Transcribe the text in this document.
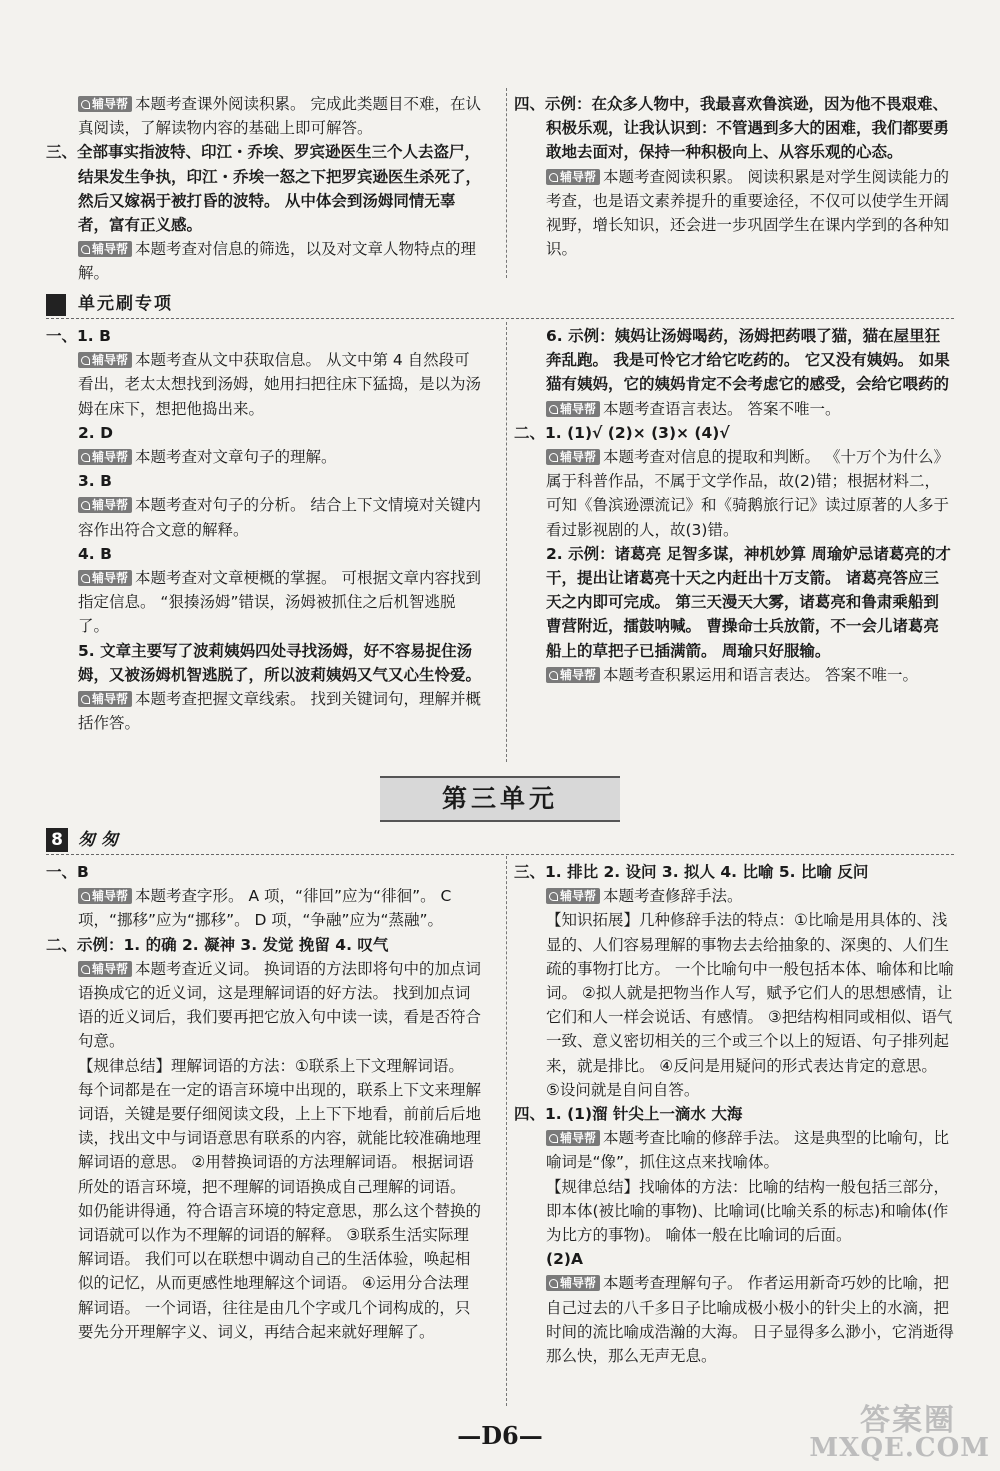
辅导帮 本题考查课外阅读积累。 完成此类题目不难，在认真阅读，了解读物内容的基础上即可解答。

三、全部事实指波特、印江・乔埃、罗宾逊医生三个人去盗尸，结果发生争执，印江・乔埃一怒之下把罗宾逊医生杀死了，然后又嫁祸于被打昏的波特。 从中体会到汤姆同情无辜者，富有正义感。

辅导帮 本题考查对信息的筛选，以及对文章人物特点的理解。

四、示例：在众多人物中，我最喜欢鲁滨逊，因为他不畏艰难、积极乐观，让我认识到：不管遇到多大的困难，我们都要勇敢地去面对，保持一种积极向上、从容乐观的心态。

辅导帮 本题考查阅读积累。 阅读积累是对学生阅读能力的考查，也是语文素养提升的重要途径，不仅可以使学生开阔视野，增长知识，还会进一步巩固学生在课内学到的各种知识。

单元刷专项

一、1. B

辅导帮 本题考查从文中获取信息。 从文中第 4 自然段可看出，老太太想找到汤姆，她用扫把往床下猛捣，是以为汤姆在床下，想把他捣出来。

2. D

辅导帮 本题考查对文章句子的理解。

3. B

辅导帮 本题考查对句子的分析。 结合上下文情境对关键内容作出符合文意的解释。

4. B

辅导帮 本题考查对文章梗概的掌握。 可根据文章内容找到指定信息。 “狠揍汤姆”错误，汤姆被抓住之后机智逃脱了。

5. 文章主要写了波莉姨妈四处寻找汤姆，好不容易捉住汤姆，又被汤姆机智逃脱了，所以波莉姨妈又气又心生怜爱。

辅导帮 本题考查把握文章线索。 找到关键词句，理解并概括作答。

6. 示例：姨妈让汤姆喝药，汤姆把药喂了猫，猫在屋里狂奔乱跑。 我是可怜它才给它吃药的。 它又没有姨妈。 如果猫有姨妈，它的姨妈肯定不会考虑它的感受，会给它喂药的

辅导帮 本题考查语言表达。 答案不唯一。

二、1. (1)√ (2)× (3)× (4)√

辅导帮 本题考查对信息的提取和判断。 《十万个为什么》属于科普作品，不属于文学作品，故(2)错；根据材料二，可知《鲁滨逊漂流记》和《骑鹅旅行记》读过原著的人多于看过影视剧的人，故(3)错。

2. 示例：诸葛亮 足智多谋，神机妙算 周瑜妒忌诸葛亮的才干，提出让诸葛亮十天之内赶出十万支箭。 诸葛亮答应三天之内即可完成。 第三天漫天大雾，诸葛亮和鲁肃乘船到曹营附近，擂鼓呐喊。 曹操命士兵放箭，不一会儿诸葛亮船上的草把子已插满箭。 周瑜只好服输。

辅导帮 本题考查积累运用和语言表达。 答案不唯一。

第三单元
8 匆匆

一、B

辅导帮 本题考查字形。 A 项，“徘回”应为“徘徊”。 C 项，“挪移”应为“挪移”。 D 项，“争融”应为“蒸融”。

二、示例：1. 的确 2. 凝神 3. 发觉 挽留 4. 叹气

辅导帮 本题考查近义词。 换词语的方法即将句中的加点词语换成它的近义词，这是理解词语的好方法。 找到加点词语的近义词后，我们要再把它放入句中读一读，看是否符合句意。

【规律总结】理解词语的方法：①联系上下文理解词语。 每个词都是在一定的语言环境中出现的，联系上下文来理解词语，关键是要仔细阅读文段，上上下下地看，前前后后地读，找出文中与词语意思有联系的内容，就能比较准确地理解词语的意思。 ②用替换词语的方法理解词语。 根据词语所处的语言环境，把不理解的词语换成自己理解的词语。 如仍能讲得通，符合语言环境的特定意思，那么这个替换的词语就可以作为不理解的词语的解释。 ③联系生活实际理解词语。 我们可以在联想中调动自己的生活体验，唤起相似的记忆，从而更感性地理解这个词语。 ④运用分合法理解词语。 一个词语，往往是由几个字或几个词构成的，只要先分开理解字义、词义，再结合起来就好理解了。

三、1. 排比 2. 设问 3. 拟人 4. 比喻 5. 比喻 反问

辅导帮 本题考查修辞手法。

【知识拓展】几种修辞手法的特点：①比喻是用具体的、浅显的、人们容易理解的事物去去给抽象的、深奥的、人们生疏的事物打比方。 一个比喻句中一般包括本体、喻体和比喻词。 ②拟人就是把物当作人写，赋予它们人的思想感情，让它们和人一样会说话、有感情。 ③把结构相同或相似、语气一致、意义密切相关的三个或三个以上的短语、句子排列起来，就是排比。 ④反问是用疑问的形式表达肯定的意思。 ⑤设问就是自问自答。

四、1. (1)溜 针尖上一滴水 大海

辅导帮 本题考查比喻的修辞手法。 这是典型的比喻句，比喻词是“像”，抓住这点来找喻体。

【规律总结】找喻体的方法：比喻的结构一般包括三部分，即本体(被比喻的事物)、比喻词(比喻关系的标志)和喻体(作为比方的事物)。 喻体一般在比喻词的后面。

(2)A

辅导帮 本题考查理解句子。 作者运用新奇巧妙的比喻，把自己过去的八千多日子比喻成极小极小的针尖上的水滴，把时间的流比喻成浩瀚的大海。 日子显得多么渺小，它消逝得那么快，那么无声无息。

—D6—	答案圈
MXQE.COM
